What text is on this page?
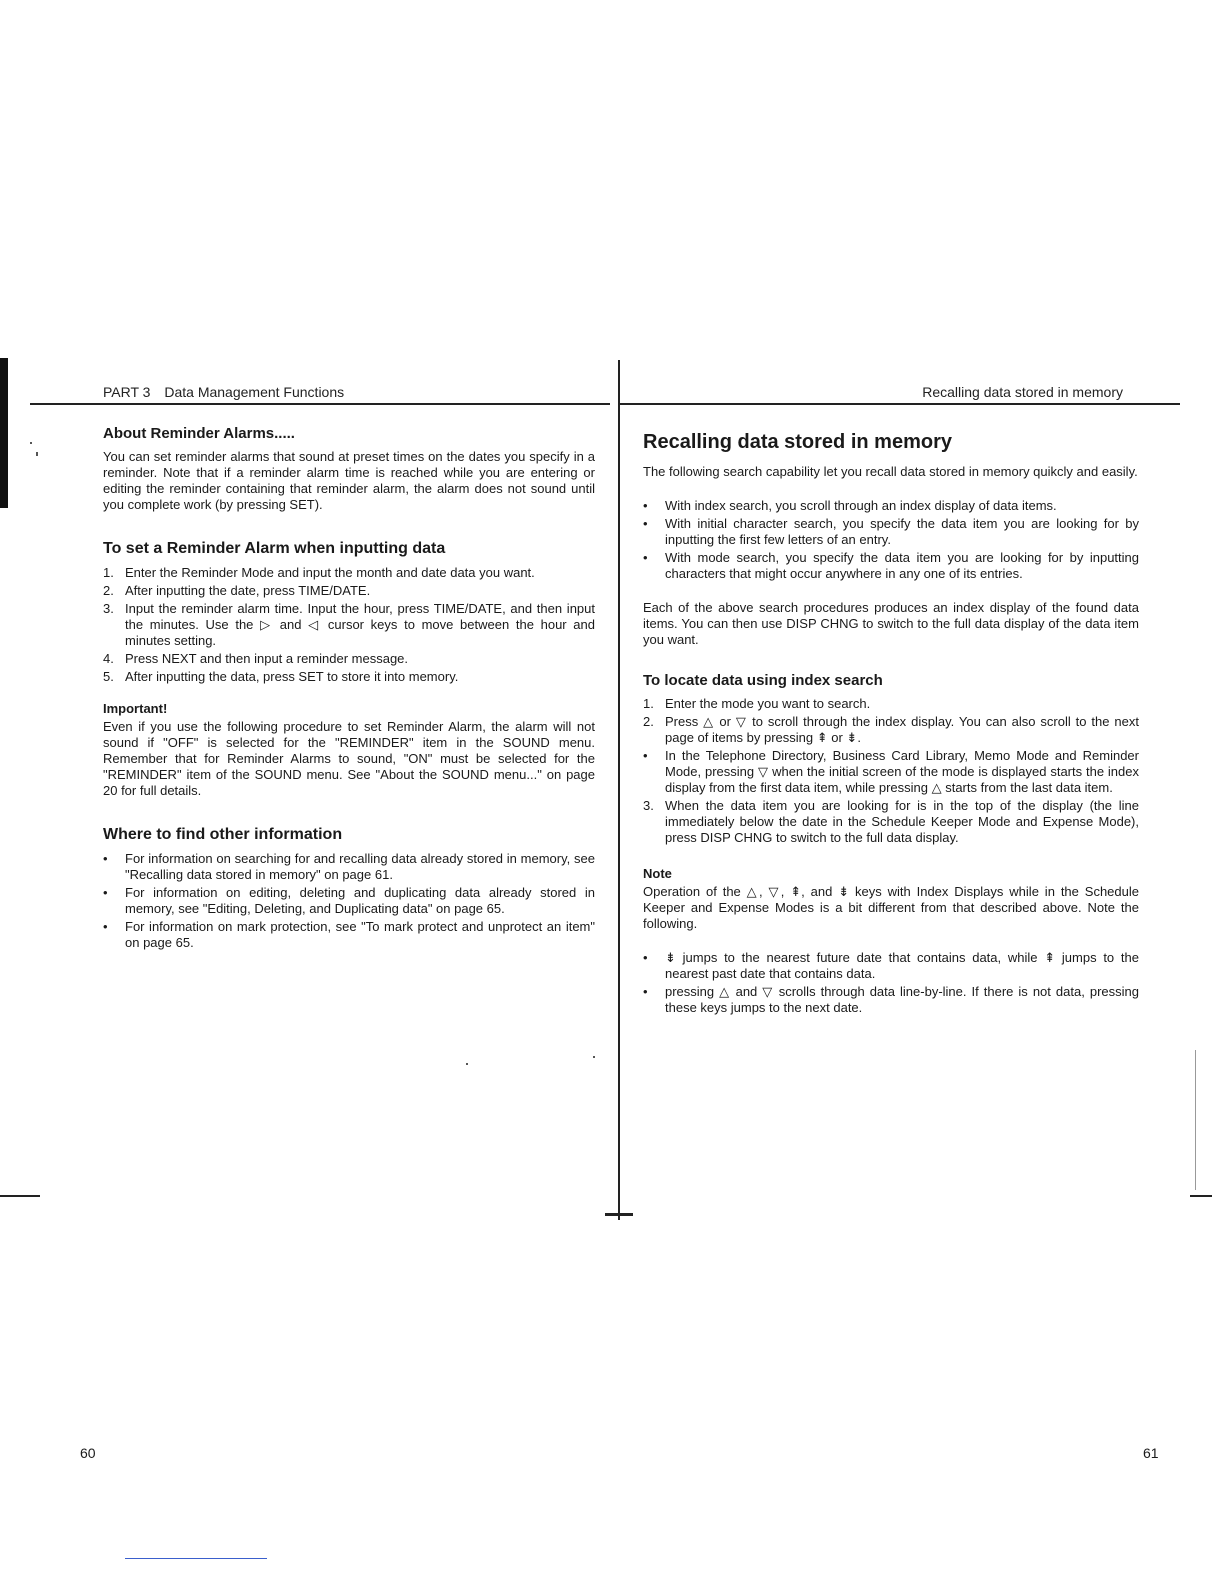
PART 3 Data Management Functions	Recalling data stored in memory
About Reminder Alarms.....

You can set reminder alarms that sound at preset times on the dates you specify in a reminder. Note that if a reminder alarm time is reached while you are entering or editing the reminder containing that reminder alarm, the alarm does not sound until you complete work (by pressing SET).

To set a Reminder Alarm when inputting data
1. Enter the Reminder Mode and input the month and date data you want.
2. After inputting the date, press TIME/DATE.
3. Input the reminder alarm time. Input the hour, press TIME/DATE, and then input the minutes. Use the ▷ and ◁ cursor keys to move between the hour and minutes setting.
4. Press NEXT and then input a reminder message.
5. After inputting the data, press SET to store it into memory.
Important!

Even if you use the following procedure to set Reminder Alarm, the alarm will not sound if "OFF" is selected for the "REMINDER" item in the SOUND menu. Remember that for Reminder Alarms to sound, "ON" must be selected for the "REMINDER" item of the SOUND menu. See "About the SOUND menu..." on page 20 for full details.

Where to find other information
•	For information on searching for and recalling data already stored in memory, see "Recalling data stored in memory" on page 61.
•	For information on editing, deleting and duplicating data already stored in memory, see "Editing, Deleting, and Duplicating data" on page 65.
•	For information on mark protection, see "To mark protect and unprotect an item" on page 65.
60
Recalling data stored in memory

The following search capability let you recall data stored in memory quikcly and easily.

•	With index search, you scroll through an index display of data items.
•	With initial character search, you specify the data item you are looking for by inputting the first few letters of an entry.
•	With mode search, you specify the data item you are looking for by inputting characters that might occur anywhere in any one of its entries.

Each of the above search procedures produces an index display of the found data items. You can then use DISP CHNG to switch to the full data display of the data item you want.

To locate data using index search
1. Enter the mode you want to search.
2. Press △ or ▽ to scroll through the index display. You can also scroll to the next page of items by pressing ⇞ or ⇟.
•	In the Telephone Directory, Business Card Library, Memo Mode and Reminder Mode, pressing ▽ when the initial screen of the mode is displayed starts the index display from the first data item, while pressing △ starts from the last data item.
3. When the data item you are looking for is in the top of the display (the line immediately below the date in the Schedule Keeper Mode and Expense Mode), press DISP CHNG to switch to the full data display.
Note

Operation of the △, ▽, ⇞, and ⇟ keys with Index Displays while in the Schedule Keeper and Expense Modes is a bit different from that described above. Note the following.

•	⇟ jumps to the nearest future date that contains data, while ⇞ jumps to the nearest past date that contains data.
•	pressing △ and ▽ scrolls through data line-by-line. If there is not data, pressing these keys jumps to the next date.
61
